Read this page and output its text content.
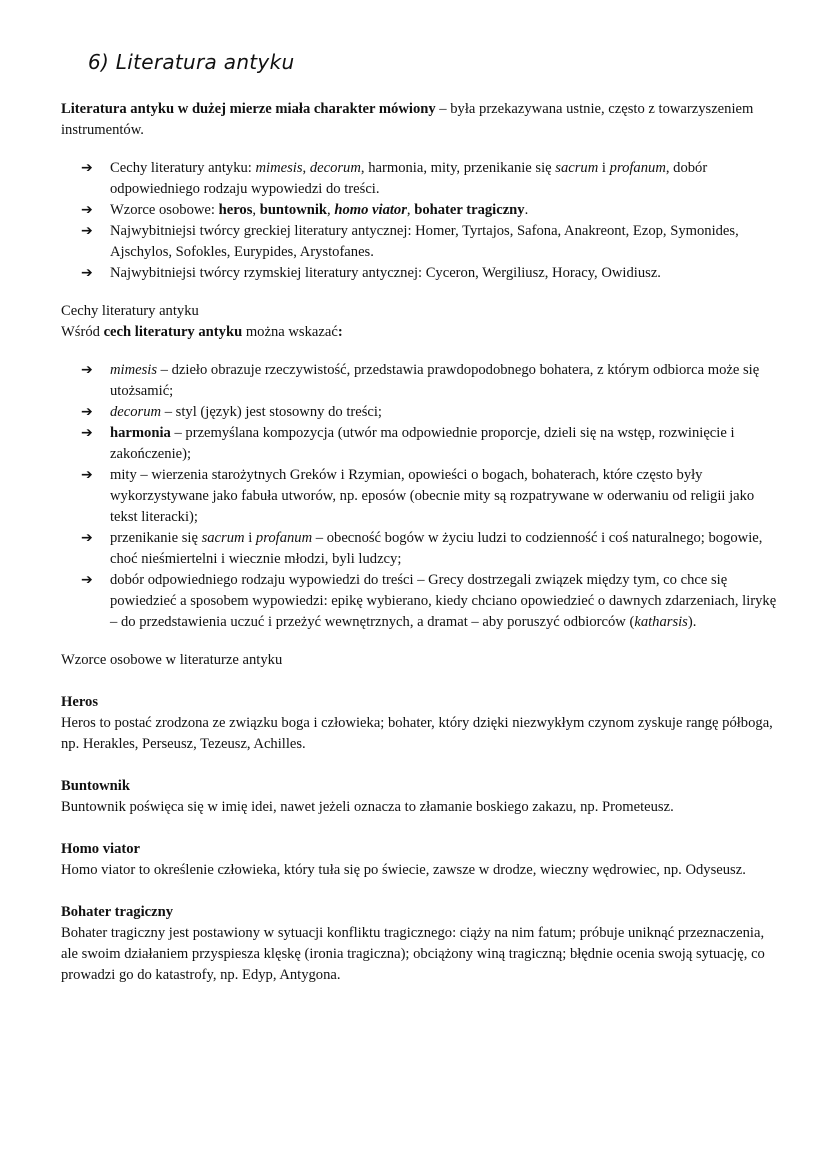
6) Literatura antyku

Literatura antyku w dużej mierze miała charakter mówiony – była przekazywana ustnie, często z towarzyszeniem instrumentów.

➔ Cechy literatury antyku: mimesis, decorum, harmonia, mity, przenikanie się sacrum i profanum, dobór odpowiedniego rodzaju wypowiedzi do treści.
➔ Wzorce osobowe: heros, buntownik, homo viator, bohater tragiczny.
➔ Najwybitniejsi twórcy greckiej literatury antycznej: Homer, Tyrtajos, Safona, Anakreont, Ezop, Symonides, Ajschylos, Sofokles, Eurypides, Arystofanes.
➔ Najwybitniejsi twórcy rzymskiej literatury antycznej: Cyceron, Wergiliusz, Horacy, Owidiusz.

Cechy literatury antyku

Wśród cech literatury antyku można wskazać:

➔ mimesis – dzieło obrazuje rzeczywistość, przedstawia prawdopodobnego bohatera, z którym odbiorca może się utożsamić;
➔ decorum – styl (język) jest stosowny do treści;
➔ harmonia – przemyślana kompozycja (utwór ma odpowiednie proporcje, dzieli się na wstęp, rozwinięcie i zakończenie);
➔ mity – wierzenia starożytnych Greków i Rzymian, opowieści o bogach, bohaterach, które często były wykorzystywane jako fabuła utworów, np. eposów (obecnie mity są rozpatrywane w oderwaniu od religii jako tekst literacki);
➔ przenikanie się sacrum i profanum – obecność bogów w życiu ludzi to codzienność i coś naturalnego; bogowie, choć nieśmiertelni i wiecznie młodzi, byli ludzcy;
➔ dobór odpowiedniego rodzaju wypowiedzi do treści – Grecy dostrzegali związek między tym, co chce się powiedzieć a sposobem wypowiedzi: epikę wybierano, kiedy chciano opowiedzieć o dawnych zdarzeniach, lirykę – do przedstawienia uczuć i przeżyć wewnętrznych, a dramat – aby poruszyć odbiorców (katharsis).

Wzorce osobowe w literaturze antyku

Heros

Heros to postać zrodzona ze związku boga i człowieka; bohater, który dzięki niezwykłym czynom zyskuje rangę półboga, np. Herakles, Perseusz, Tezeusz, Achilles.

Buntownik

Buntownik poświęca się w imię idei, nawet jeżeli oznacza to złamanie boskiego zakazu, np. Prometeusz.

Homo viator

Homo viator to określenie człowieka, który tuła się po świecie, zawsze w drodze, wieczny wędrowiec, np. Odyseusz.

Bohater tragiczny

Bohater tragiczny jest postawiony w sytuacji konfliktu tragicznego: ciąży na nim fatum; próbuje uniknąć przeznaczenia, ale swoim działaniem przyspiesza klęskę (ironia tragiczna); obciążony winą tragiczną; błędnie ocenia swoją sytuację, co prowadzi go do katastrofy, np. Edyp, Antygona.
